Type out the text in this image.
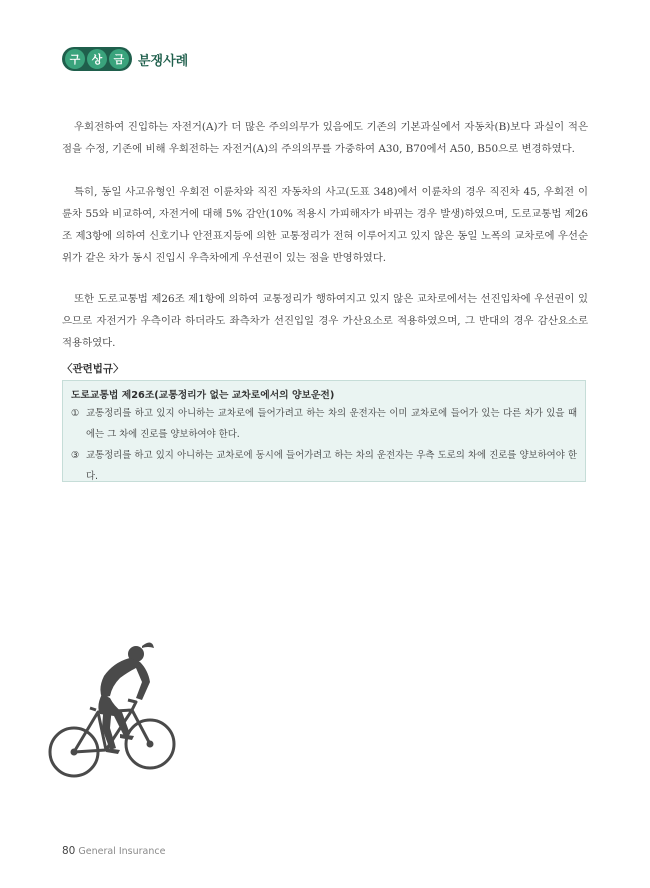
구	상	금	분쟁사례

우회전하여 진입하는 자전거(A)가 더 많은 주의의무가 있음에도 기존의 기본과실에서 자동차(B)보다 과실이 적은 점을 수정, 기존에 비해 우회전하는 자전거(A)의 주의의무를 가중하여 A30, B70에서 A50, B50으로 변경하였다.

특히, 동일 사고유형인 우회전 이륜차와 직진 자동차의 사고(도표 348)에서 이륜차의 경우 직진차 45, 우회전 이륜차 55와 비교하여, 자전거에 대해 5% 감안(10% 적용시 가피해자가 바뀌는 경우 발생)하였으며, 도로교통법 제26조 제3항에 의하여 신호기나 안전표지등에 의한 교통정리가 전혀 이루어지고 있지 않은 동일 노폭의 교차로에 우선순위가 같은 차가 동시 진입시 우측차에게 우선권이 있는 점을 반영하였다.

또한 도로교통법 제26조 제1항에 의하여 교통정리가 행하여지고 있지 않은 교차로에서는 선진입차에 우선권이 있으므로 자전거가 우측이라 하더라도 좌측차가 선진입일 경우 가산요소로 적용하였으며, 그 반대의 경우 감산요소로 적용하였다.

〈관련법규〉
도로교통법 제26조(교통정리가 없는 교차로에서의 양보운전)
① 교통정리를 하고 있지 아니하는 교차로에 들어가려고 하는 차의 운전자는 이미 교차로에 들어가 있는 다른 차가 있을 때에는 그 차에 진로를 양보하여야 한다.
③ 교통정리를 하고 있지 아니하는 교차로에 동시에 들어가려고 하는 차의 운전자는 우측 도로의 차에 진로를 양보하여야 한다.
80 General Insurance
